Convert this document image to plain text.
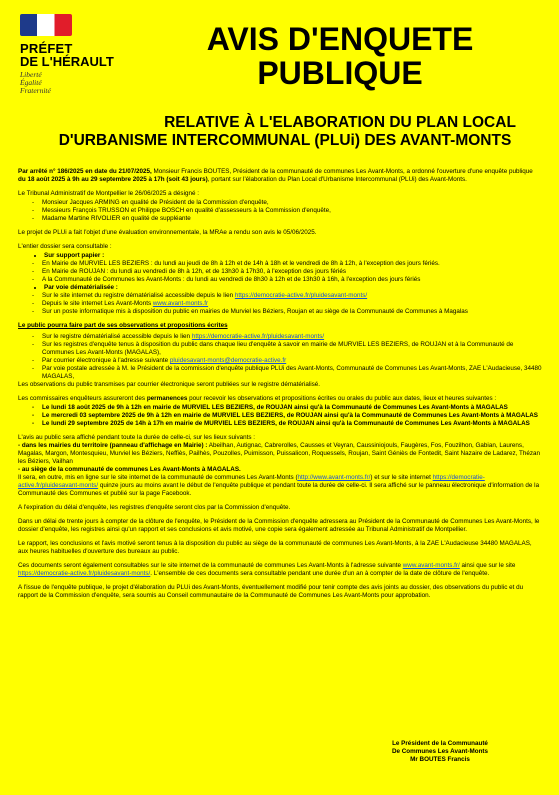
PRÉFET
DE L'HÉRAULT
Liberté
Égalité
Fraternité
AVIS D'ENQUETE
PUBLIQUE
RELATIVE À L'ELABORATION DU PLAN LOCAL
D'URBANISME INTERCOMMUNAL (PLUi) DES AVANT-MONTS

Par arrêté n° 186/2025 en date du 21/07/2025, Monsieur Francis BOUTES, Président de la communauté de communes Les Avant-Monts, a ordonné l'ouverture d'une enquête publique du 18 août 2025 à 9h au 29 septembre 2025 à 17h (soit 43 jours), portant sur l'élaboration du Plan Local d'Urbanisme Intercommunal (PLUi) des Avant-Monts.

Le Tribunal Administratif de Montpellier le 26/06/2025 a désigné :

- Monsieur Jacques ARMING en qualité de Président de la Commission d'enquête,
- Messieurs François TRUSSON et Philippe BOSCH en qualité d'assesseurs à la Commission d'enquête,
- Madame Martine RIVOLIER en qualité de suppléante

Le projet de PLUi a fait l'objet d'une évaluation environnementale, la MRAe a rendu son avis le 05/06/2025.

L'entier dossier sera consultable :

• Sur support papier :
- En Mairie de MURVIEL LES BEZIERS : du lundi au jeudi de 8h à 12h et de 14h à 18h et le vendredi de 8h à 12h, à l'exception des jours fériés.
- En Mairie de ROUJAN : du lundi au vendredi de 8h à 12h, et de 13h30 à 17h30, à l'exception des jours fériés
- A la Communauté de Communes les Avant-Monts : du lundi au vendredi de 8h30 à 12h et de 13h30 à 16h, à l'exception des jours fériés
• Par voie dématérialisée :
- Sur le site internet du registre dématérialisé accessible depuis le lien https://democratie-active.fr/pluidesavant-monts/
- Depuis le site internet Les Avant-Monts www.avant-monts.fr
- Sur un poste informatique mis à disposition du public en mairies de Murviel les Béziers, Roujan et au siège de la Communauté de Communes à Magalas

Le public pourra faire part de ses observations et propositions écrites

- Sur le registre dématérialisé accessible depuis le lien https://democratie-active.fr/pluidesavant-monts/
- Sur les registres d'enquête tenus à disposition du public dans chaque lieu d'enquête à savoir en mairie de MURVIEL LES BEZIERS, de ROUJAN et à la Communauté de Communes Les Avant-Monts (MAGALAS),
- Par courrier électronique à l'adresse suivante pluidesavant-monts@democratie-active.fr
- Par voie postale adressée à M. le Président de la commission d'enquête publique PLUi des Avant-Monts, Communauté de Communes Les Avant-Monts, ZAE L'Audacieuse, 34480 MAGALAS,

Les observations du public transmises par courrier électronique seront publiées sur le registre dématérialisé.

Les commissaires enquêteurs assureront des permanences pour recevoir les observations et propositions écrites ou orales du public aux dates, lieux et heures suivantes :

- Le lundi 18 août 2025 de 9h à 12h en mairie de MURVIEL LES BEZIERS, de ROUJAN ainsi qu'à la Communauté de Communes Les Avant-Monts à MAGALAS
- Le mercredi 03 septembre 2025 de 9h à 12h en mairie de MURVIEL LES BEZIERS, de ROUJAN ainsi qu'à la Communauté de Communes Les Avant-Monts à MAGALAS
- Le lundi 29 septembre 2025 de 14h à 17h en mairie de MURVIEL LES BEZIERS, de ROUJAN ainsi qu'à la Communauté de Communes Les Avant-Monts à MAGALAS

L'avis au public sera affiché pendant toute la durée de celle-ci, sur les lieux suivants :

- dans les mairies du territoire (panneau d'affichage en Mairie) : Abeilhan, Autignac, Cabrerolles, Causses et Veyran, Caussiniojouls, Faugères, Fos, Fouzilhon, Gabian, Laurens, Magalas, Margon, Montesquieu, Murviel les Béziers, Neffiès, Pailhès, Pouzolles, Puimisson, Puissalicon, Roquessels, Roujan, Saint Géniès de Fontedit, Saint Nazaire de Ladarez, Thézan les Béziers, Vailhan

- au siège de la communauté de communes Les Avant-Monts à MAGALAS.

Il sera, en outre, mis en ligne sur le site internet de la communauté de communes Les Avant-Monts (http://www.avant-monts.fr/) et sur le site internet https://democratie-active.fr/pluidesavant-monts/ quinze jours au moins avant le début de l'enquête publique et pendant toute la durée de celle-ci. Il sera affiché sur le panneau électronique d'information de la Communauté des Communes et publié sur la page Facebook.

A l'expiration du délai d'enquête, les registres d'enquête seront clos par la Commission d'enquête.

Dans un délai de trente jours à compter de la clôture de l'enquête, le Président de la Commission d'enquête adressera au Président de la Communauté de Communes Les Avant-Monts, le dossier d'enquête, les registres ainsi qu'un rapport et ses conclusions et avis motivé, une copie sera également adressée au Tribunal Administratif de Montpellier.

Le rapport, les conclusions et l'avis motivé seront tenus à la disposition du public au siège de la communauté de communes Les Avant-Monts, à la ZAE L'Audacieuse 34480 MAGALAS, aux heures habituelles d'ouverture des bureaux au public.

Ces documents seront également consultables sur le site internet de la communauté de communes Les Avant-Monts à l'adresse suivante www.avant-monts.fr/ ainsi que sur le site https://democratie-active.fr/pluidesavant-monts/. L'ensemble de ces documents sera consultable pendant une durée d'un an à compter de la date de clôture de l'enquête.

A l'issue de l'enquête publique, le projet d'élaboration du PLUi des Avant-Monts, éventuellement modifié pour tenir compte des avis joints au dossier, des observations du public et du rapport de la Commission d'enquête, sera soumis au Conseil communautaire de la Communauté de Communes Les Avant-Monts pour approbation.

Le Président de la Communauté
De Communes Les Avant-Monts
Mr BOUTES Francis
